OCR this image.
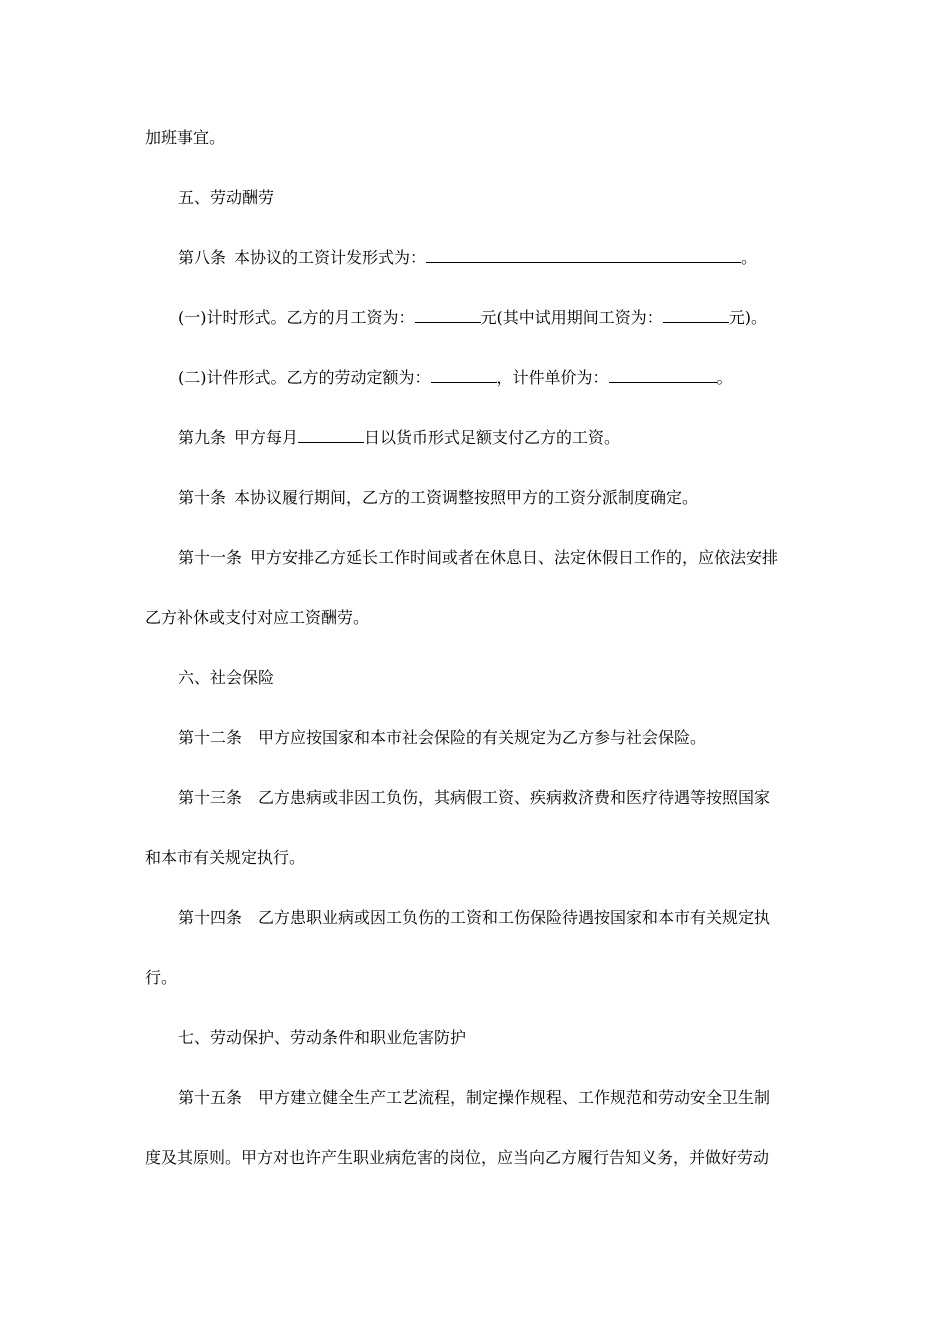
加班事宜。
五、劳动酬劳
第八条 本协议的工资计发形式为：	。
(一)计时形式。乙方的月工资为：	元(其中试用期间工资为：	元)。
(二)计件形式。乙方的劳动定额为：	，计件单价为：	。
第九条 甲方每月	日以货币形式足额支付乙方的工资。
第十条 本协议履行期间，乙方的工资调整按照甲方的工资分派制度确定。
第十一条 甲方安排乙方延长工作时间或者在休息日、法定休假日工作的，应依法安排
乙方补休或支付对应工资酬劳。
六、社会保险
第十二条 甲方应按国家和本市社会保险的有关规定为乙方参与社会保险。
第十三条 乙方患病或非因工负伤，其病假工资、疾病救济费和医疗待遇等按照国家
和本市有关规定执行。
第十四条 乙方患职业病或因工负伤的工资和工伤保险待遇按国家和本市有关规定执
行。
七、劳动保护、劳动条件和职业危害防护
第十五条 甲方建立健全生产工艺流程，制定操作规程、工作规范和劳动安全卫生制
度及其原则。甲方对也许产生职业病危害的岗位，应当向乙方履行告知义务，并做好劳动
